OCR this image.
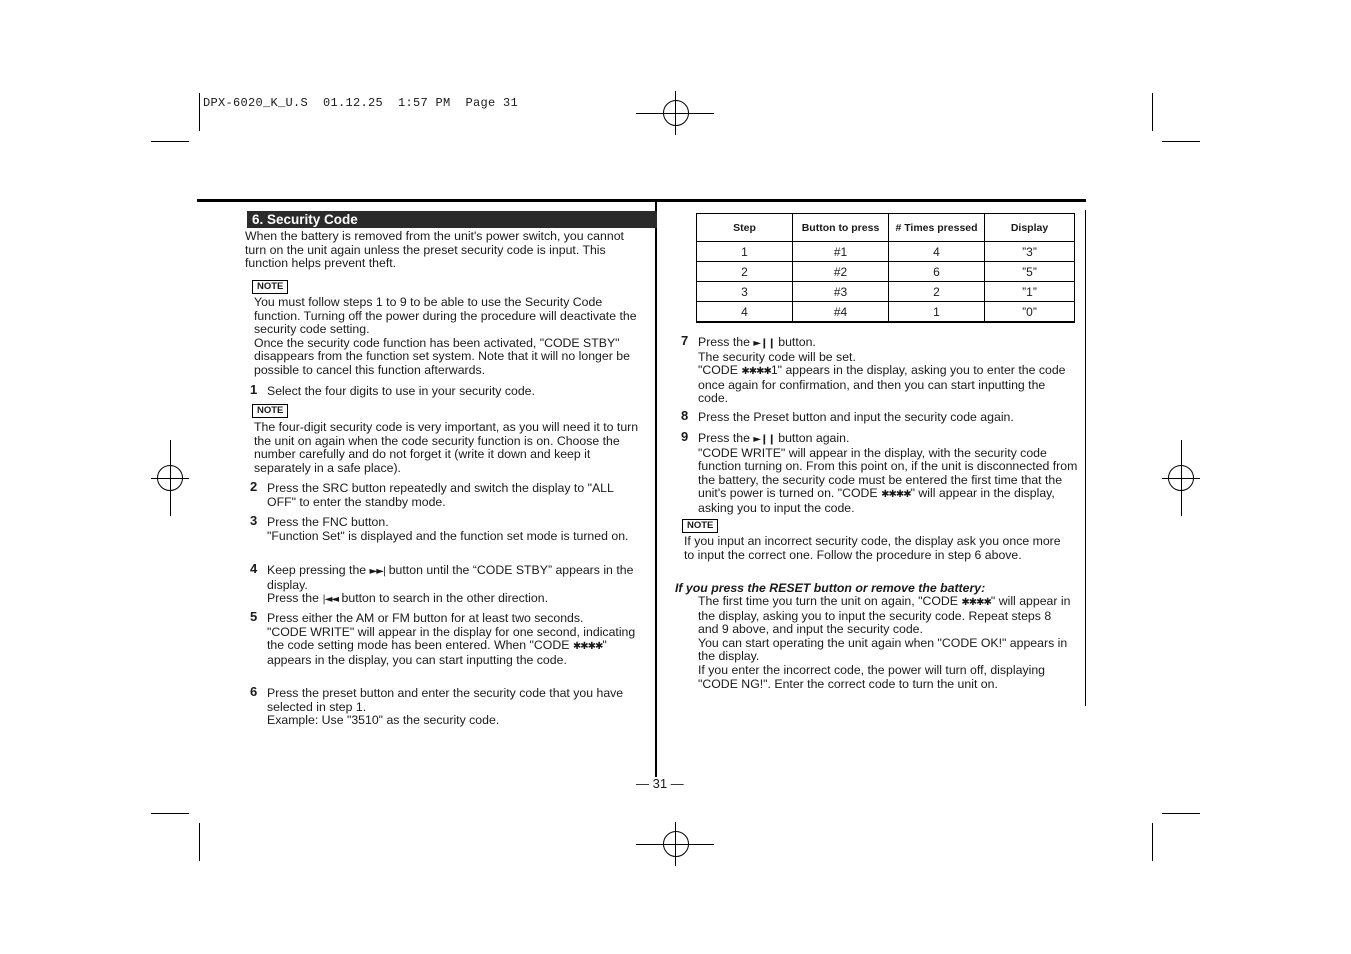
DPX-6020_K_U.S  01.12.25  1:57 PM  Page 31
6. Security Code
When the battery is removed from the unit's power switch, you cannot turn on the unit again unless the preset security code is input. This function helps prevent theft.
NOTE
You must follow steps 1 to 9 to be able to use the Security Code function. Turning off the power during the procedure will deactivate the security code setting.
Once the security code function has been activated, "CODE STBY" disappears from the function set system. Note that it will no longer be possible to cancel this function afterwards.
1 Select the four digits to use in your security code.
NOTE
The four-digit security code is very important, as you will need it to turn the unit on again when the code security function is on. Choose the number carefully and do not forget it (write it down and keep it separately in a safe place).
2 Press the SRC button repeatedly and switch the display to "ALL OFF" to enter the standby mode.
3 Press the FNC button.
"Function Set" is displayed and the function set mode is turned on.
4 Keep pressing the ►►| button until the “CODE STBY” appears in the display.
Press the |◄◄ button to search in the other direction.
5 Press either the AM or FM button for at least two seconds.
"CODE WRITE" will appear in the display for one second, indicating the code setting mode has been entered. When "CODE ✱✱✱✱" appears in the display, you can start inputting the code.
6 Press the preset button and enter the security code that you have selected in step 1.
Example: Use "3510" as the security code.
Step	Button to press	# Times pressed	Display
1	#1	4	”3”
2	#2	6	”5”
3	#3	2	”1”
4	#4	1	”0”
7 Press the ►❙❙ button.
The security code will be set.
"CODE ✱✱✱✱1" appears in the display, asking you to enter the code once again for confirmation, and then you can start inputting the code.
8 Press the Preset button and input the security code again.
9 Press the ►❙❙ button again.
"CODE WRITE" will appear in the display, with the security code function turning on. From this point on, if the unit is disconnected from the battery, the security code must be entered the first time that the unit's power is turned on. "CODE ✱✱✱✱" will appear in the display, asking you to input the code.
NOTE
If you input an incorrect security code, the display ask you once more to input the correct one. Follow the procedure in step 6 above.
If you press the RESET button or remove the battery:
The first time you turn the unit on again, "CODE ✱✱✱✱" will appear in the display, asking you to input the security code. Repeat steps 8 and 9 above, and input the security code.
You can start operating the unit again when "CODE OK!" appears in the display.
If you enter the incorrect code, the power will turn off, displaying "CODE NG!". Enter the correct code to turn the unit on.
— 31 —
